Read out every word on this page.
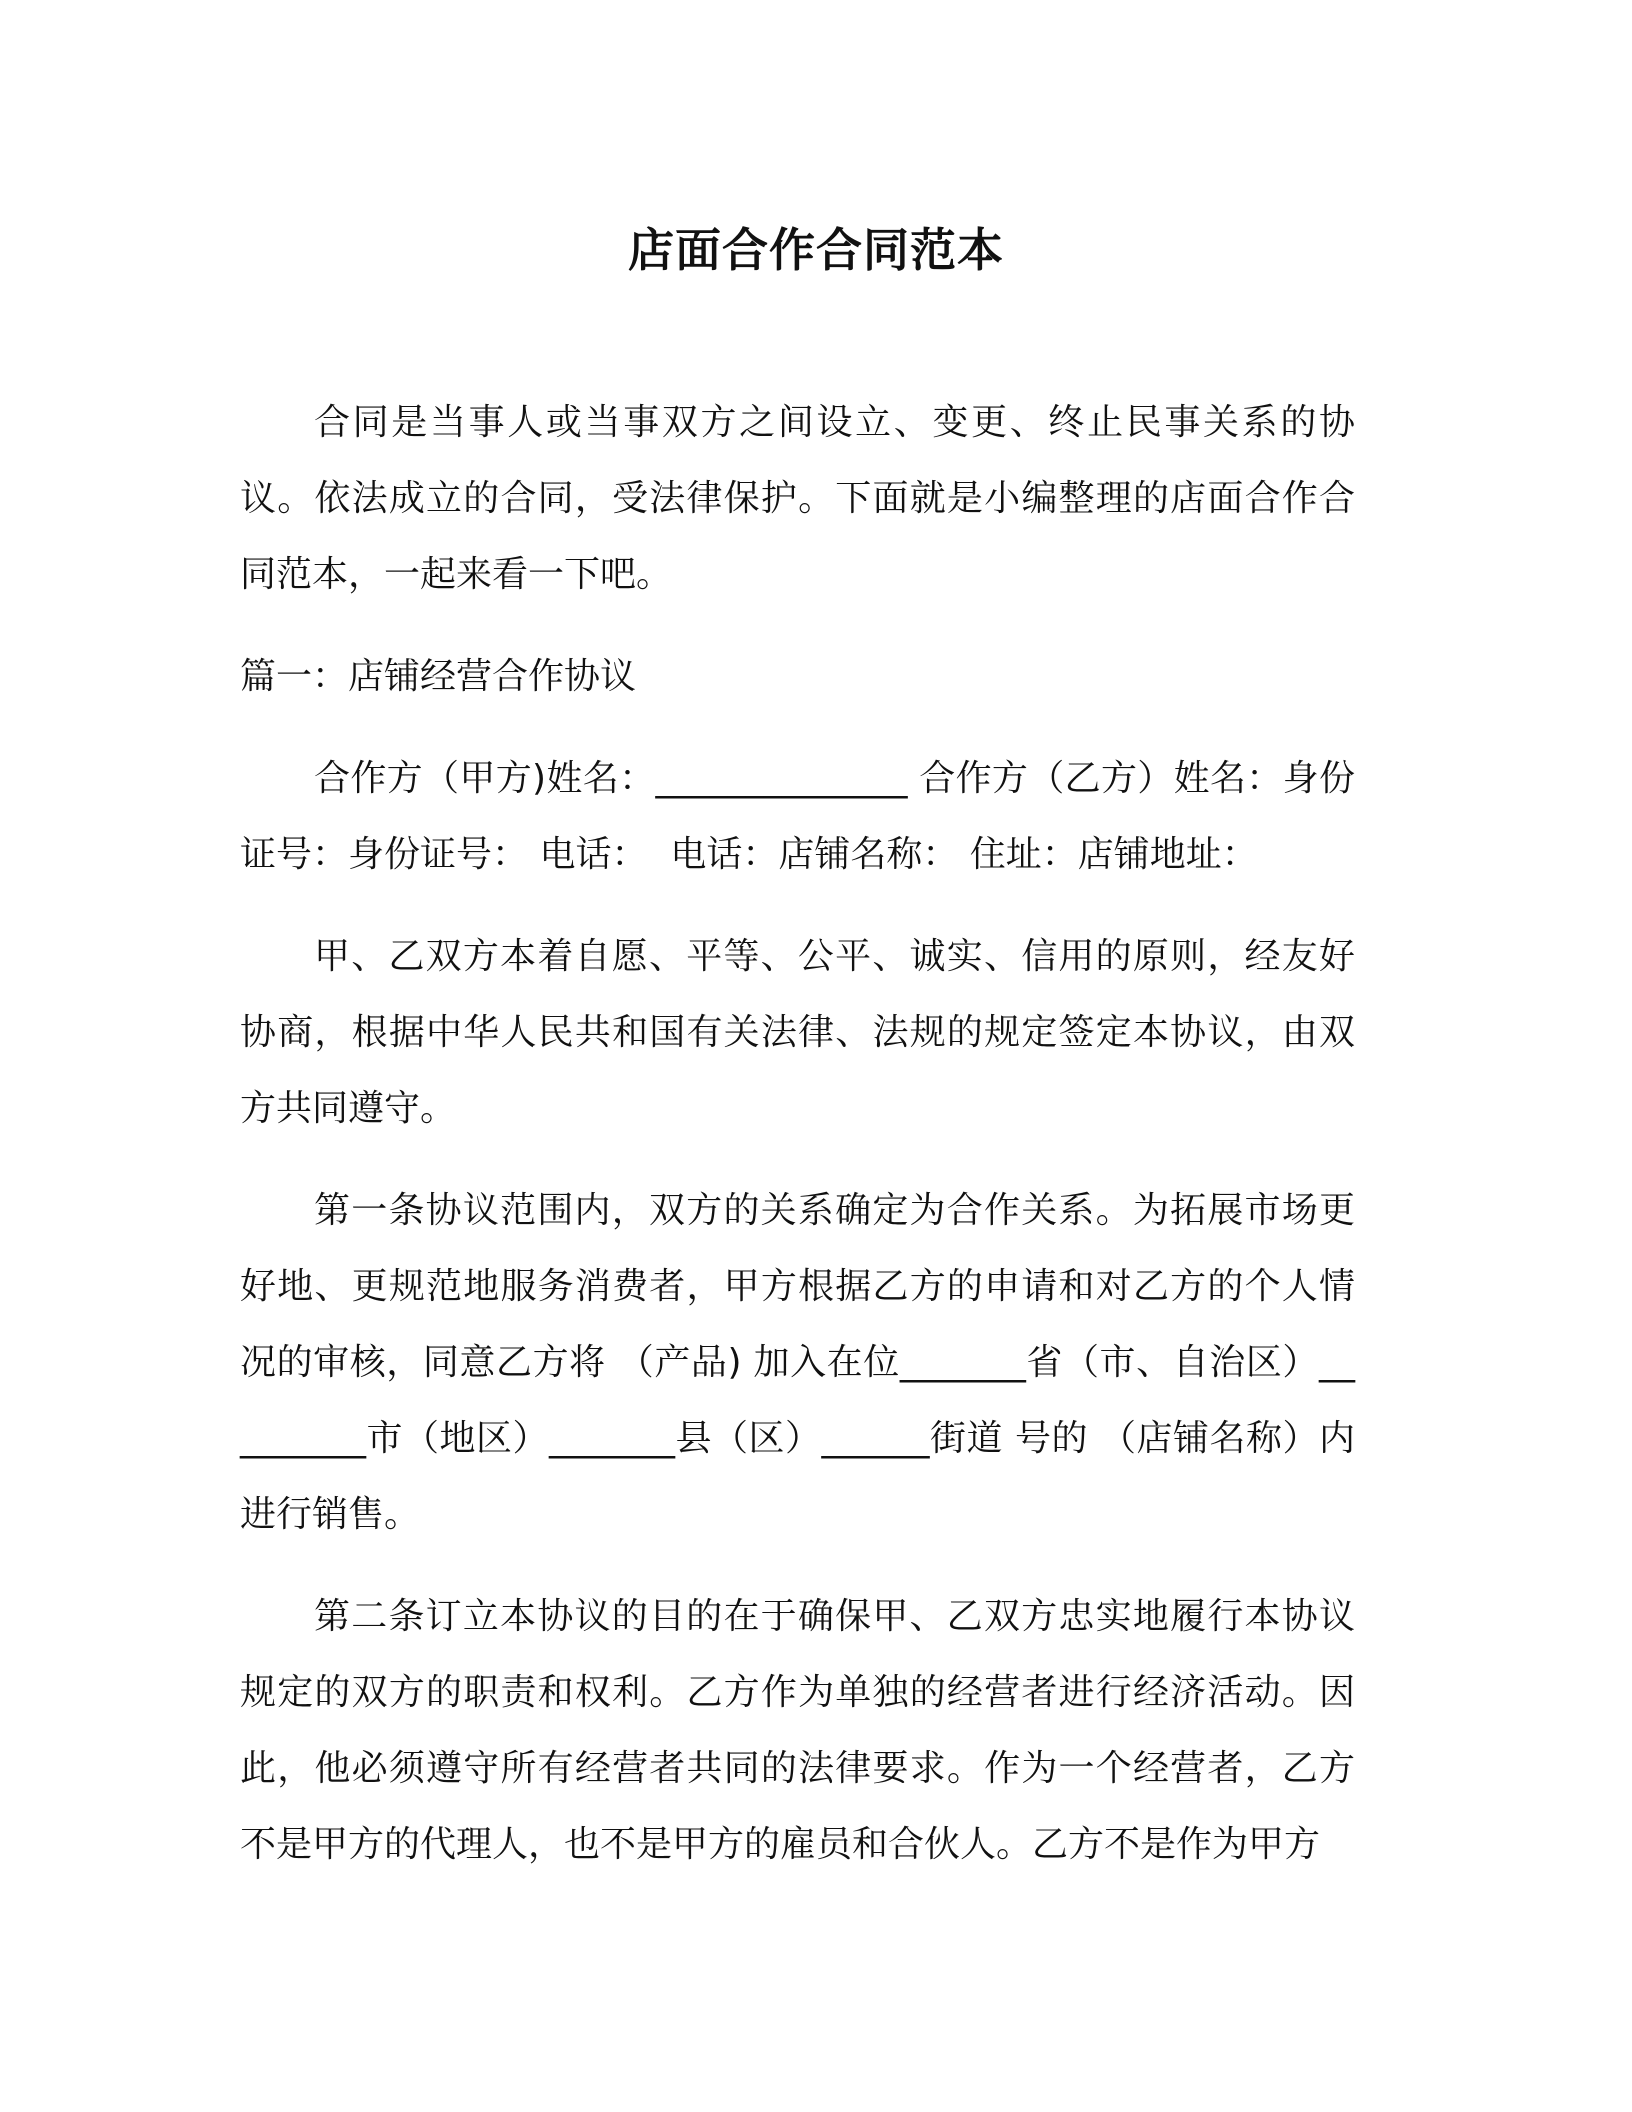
店面合作合同范本

合同是当事人或当事双方之间设立、变更、终止民事关系的协议。依法成立的合同，受法律保护。下面就是小编整理的店面合作合同范本，一起来看一下吧。

篇一：店铺经营合作协议

合作方（甲方)姓名：______________ 合作方（乙方）姓名：身份证号：身份证号： 电话：  电话：店铺名称： 住址：店铺地址：

甲、乙双方本着自愿、平等、公平、诚实、信用的原则，经友好协商，根据中华人民共和国有关法律、法规的规定签定本协议，由双方共同遵守。

第一条协议范围内，双方的关系确定为合作关系。为拓展市场更好地、更规范地服务消费者，甲方根据乙方的申请和对乙方的个人情况的审核，同意乙方将 （产品) 加入在位_______省（市、自治区）_________市（地区）_______县（区）______街道 号的 （店铺名称）内进行销售。

第二条订立本协议的目的在于确保甲、乙双方忠实地履行本协议规定的双方的职责和权利。乙方作为单独的经营者进行经济活动。因此，他必须遵守所有经营者共同的法律要求。作为一个经营者，乙方不是甲方的代理人，也不是甲方的雇员和合伙人。乙方不是作为甲方
